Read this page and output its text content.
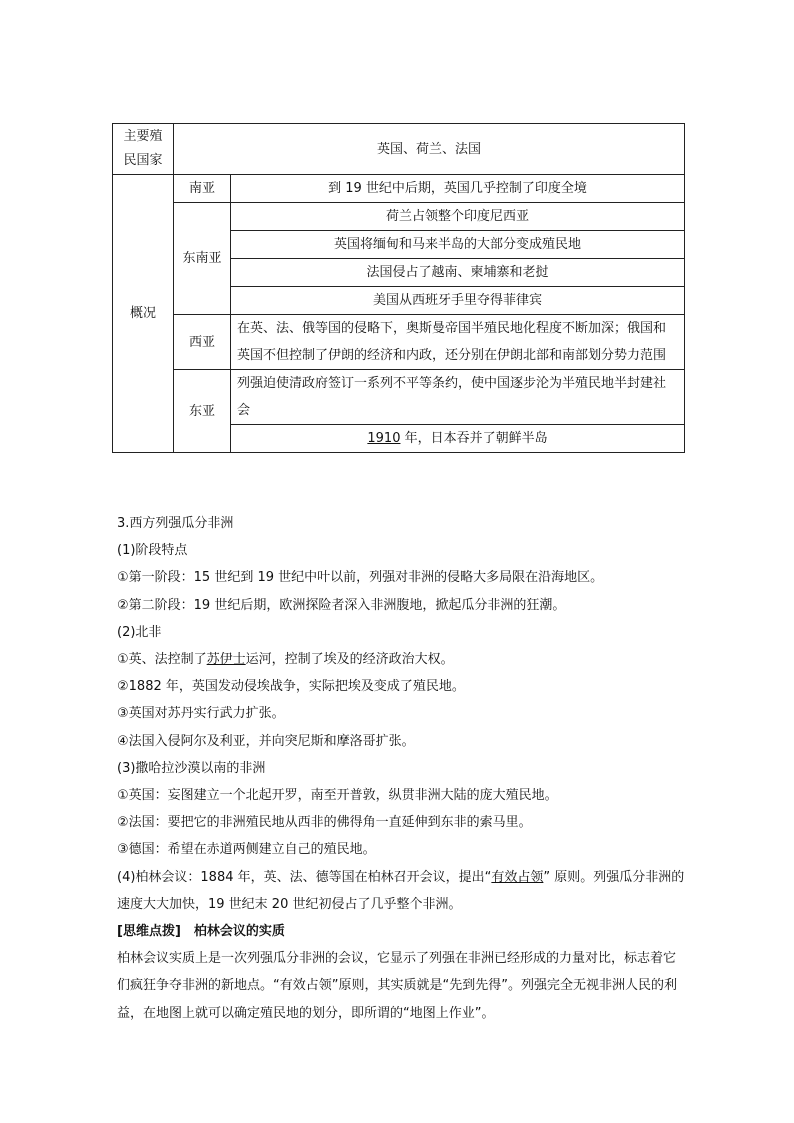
主要殖民国家	英国、荷兰、法国	
概况	南亚	到 19 世纪中后期，英国几乎控制了印度全境
	东南亚	荷兰占领整个印度尼西亚
		英国将缅甸和马来半岛的大部分变成殖民地
		法国侵占了越南、柬埔寨和老挝
		美国从西班牙手里夺得菲律宾
	西亚	在英、法、俄等国的侵略下，奥斯曼帝国半殖民地化程度不断加深；俄国和英国不但控制了伊朗的经济和内政，还分别在伊朗北部和南部划分势力范围
	东亚	列强迫使清政府签订一系列不平等条约，使中国逐步沦为半殖民地半封建社会
		1910 年，日本吞并了朝鲜半岛

3.西方列强瓜分非洲

(1)阶段特点

①第一阶段：15 世纪到 19 世纪中叶以前，列强对非洲的侵略大多局限在沿海地区。

②第二阶段：19 世纪后期，欧洲探险者深入非洲腹地，掀起瓜分非洲的狂潮。

(2)北非

①英、法控制了苏伊士运河，控制了埃及的经济政治大权。

②1882 年，英国发动侵埃战争，实际把埃及变成了殖民地。

③英国对苏丹实行武力扩张。

④法国入侵阿尔及利亚，并向突尼斯和摩洛哥扩张。

(3)撒哈拉沙漠以南的非洲

①英国：妄图建立一个北起开罗，南至开普敦，纵贯非洲大陆的庞大殖民地。

②法国：要把它的非洲殖民地从西非的佛得角一直延伸到东非的索马里。

③德国：希望在赤道两侧建立自己的殖民地。

(4)柏林会议：1884 年，英、法、德等国在柏林召开会议，提出“有效占领” 原则。列强瓜分非洲的速度大大加快，19 世纪末 20 世纪初侵占了几乎整个非洲。

[思维点拨]　柏林会议的实质

柏林会议实质上是一次列强瓜分非洲的会议，它显示了列强在非洲已经形成的力量对比，标志着它们疯狂争夺非洲的新地点。“有效占领”原则，其实质就是“先到先得”。列强完全无视非洲人民的利益，在地图上就可以确定殖民地的划分，即所谓的“地图上作业”。
